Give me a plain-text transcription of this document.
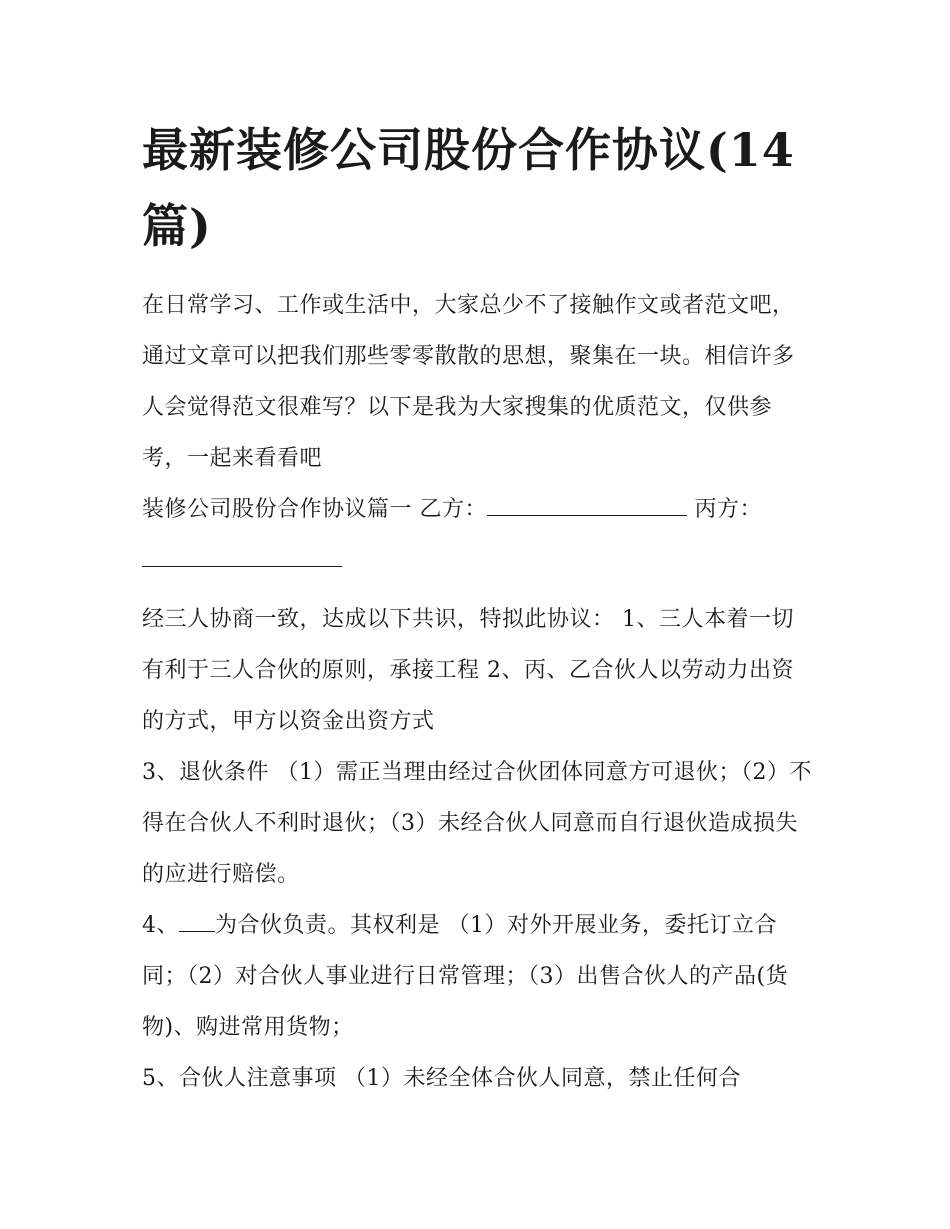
最新装修公司股份合作协议(14篇)

在日常学习、工作或生活中，大家总少不了接触作文或者范文吧，通过文章可以把我们那些零零散散的思想，聚集在一块。相信许多人会觉得范文很难写？以下是我为大家搜集的优质范文，仅供参考，一起来看看吧

装修公司股份合作协议篇一 乙方：	丙方：

经三人协商一致，达成以下共识，特拟此协议： 1、三人本着一切有利于三人合伙的原则，承接工程 2、丙、乙合伙人以劳动力出资的方式，甲方以资金出资方式

3、退伙条件 （1）需正当理由经过合伙团体同意方可退伙；（2）不得在合伙人不利时退伙；（3）未经合伙人同意而自行退伙造成损失的应进行赔偿。

4、 为合伙负责。其权利是 （1）对外开展业务，委托订立合同；（2）对合伙人事业进行日常管理；（3）出售合伙人的产品(货物)、购进常用货物；

5、合伙人注意事项 （1）未经全体合伙人同意，禁止任何合
